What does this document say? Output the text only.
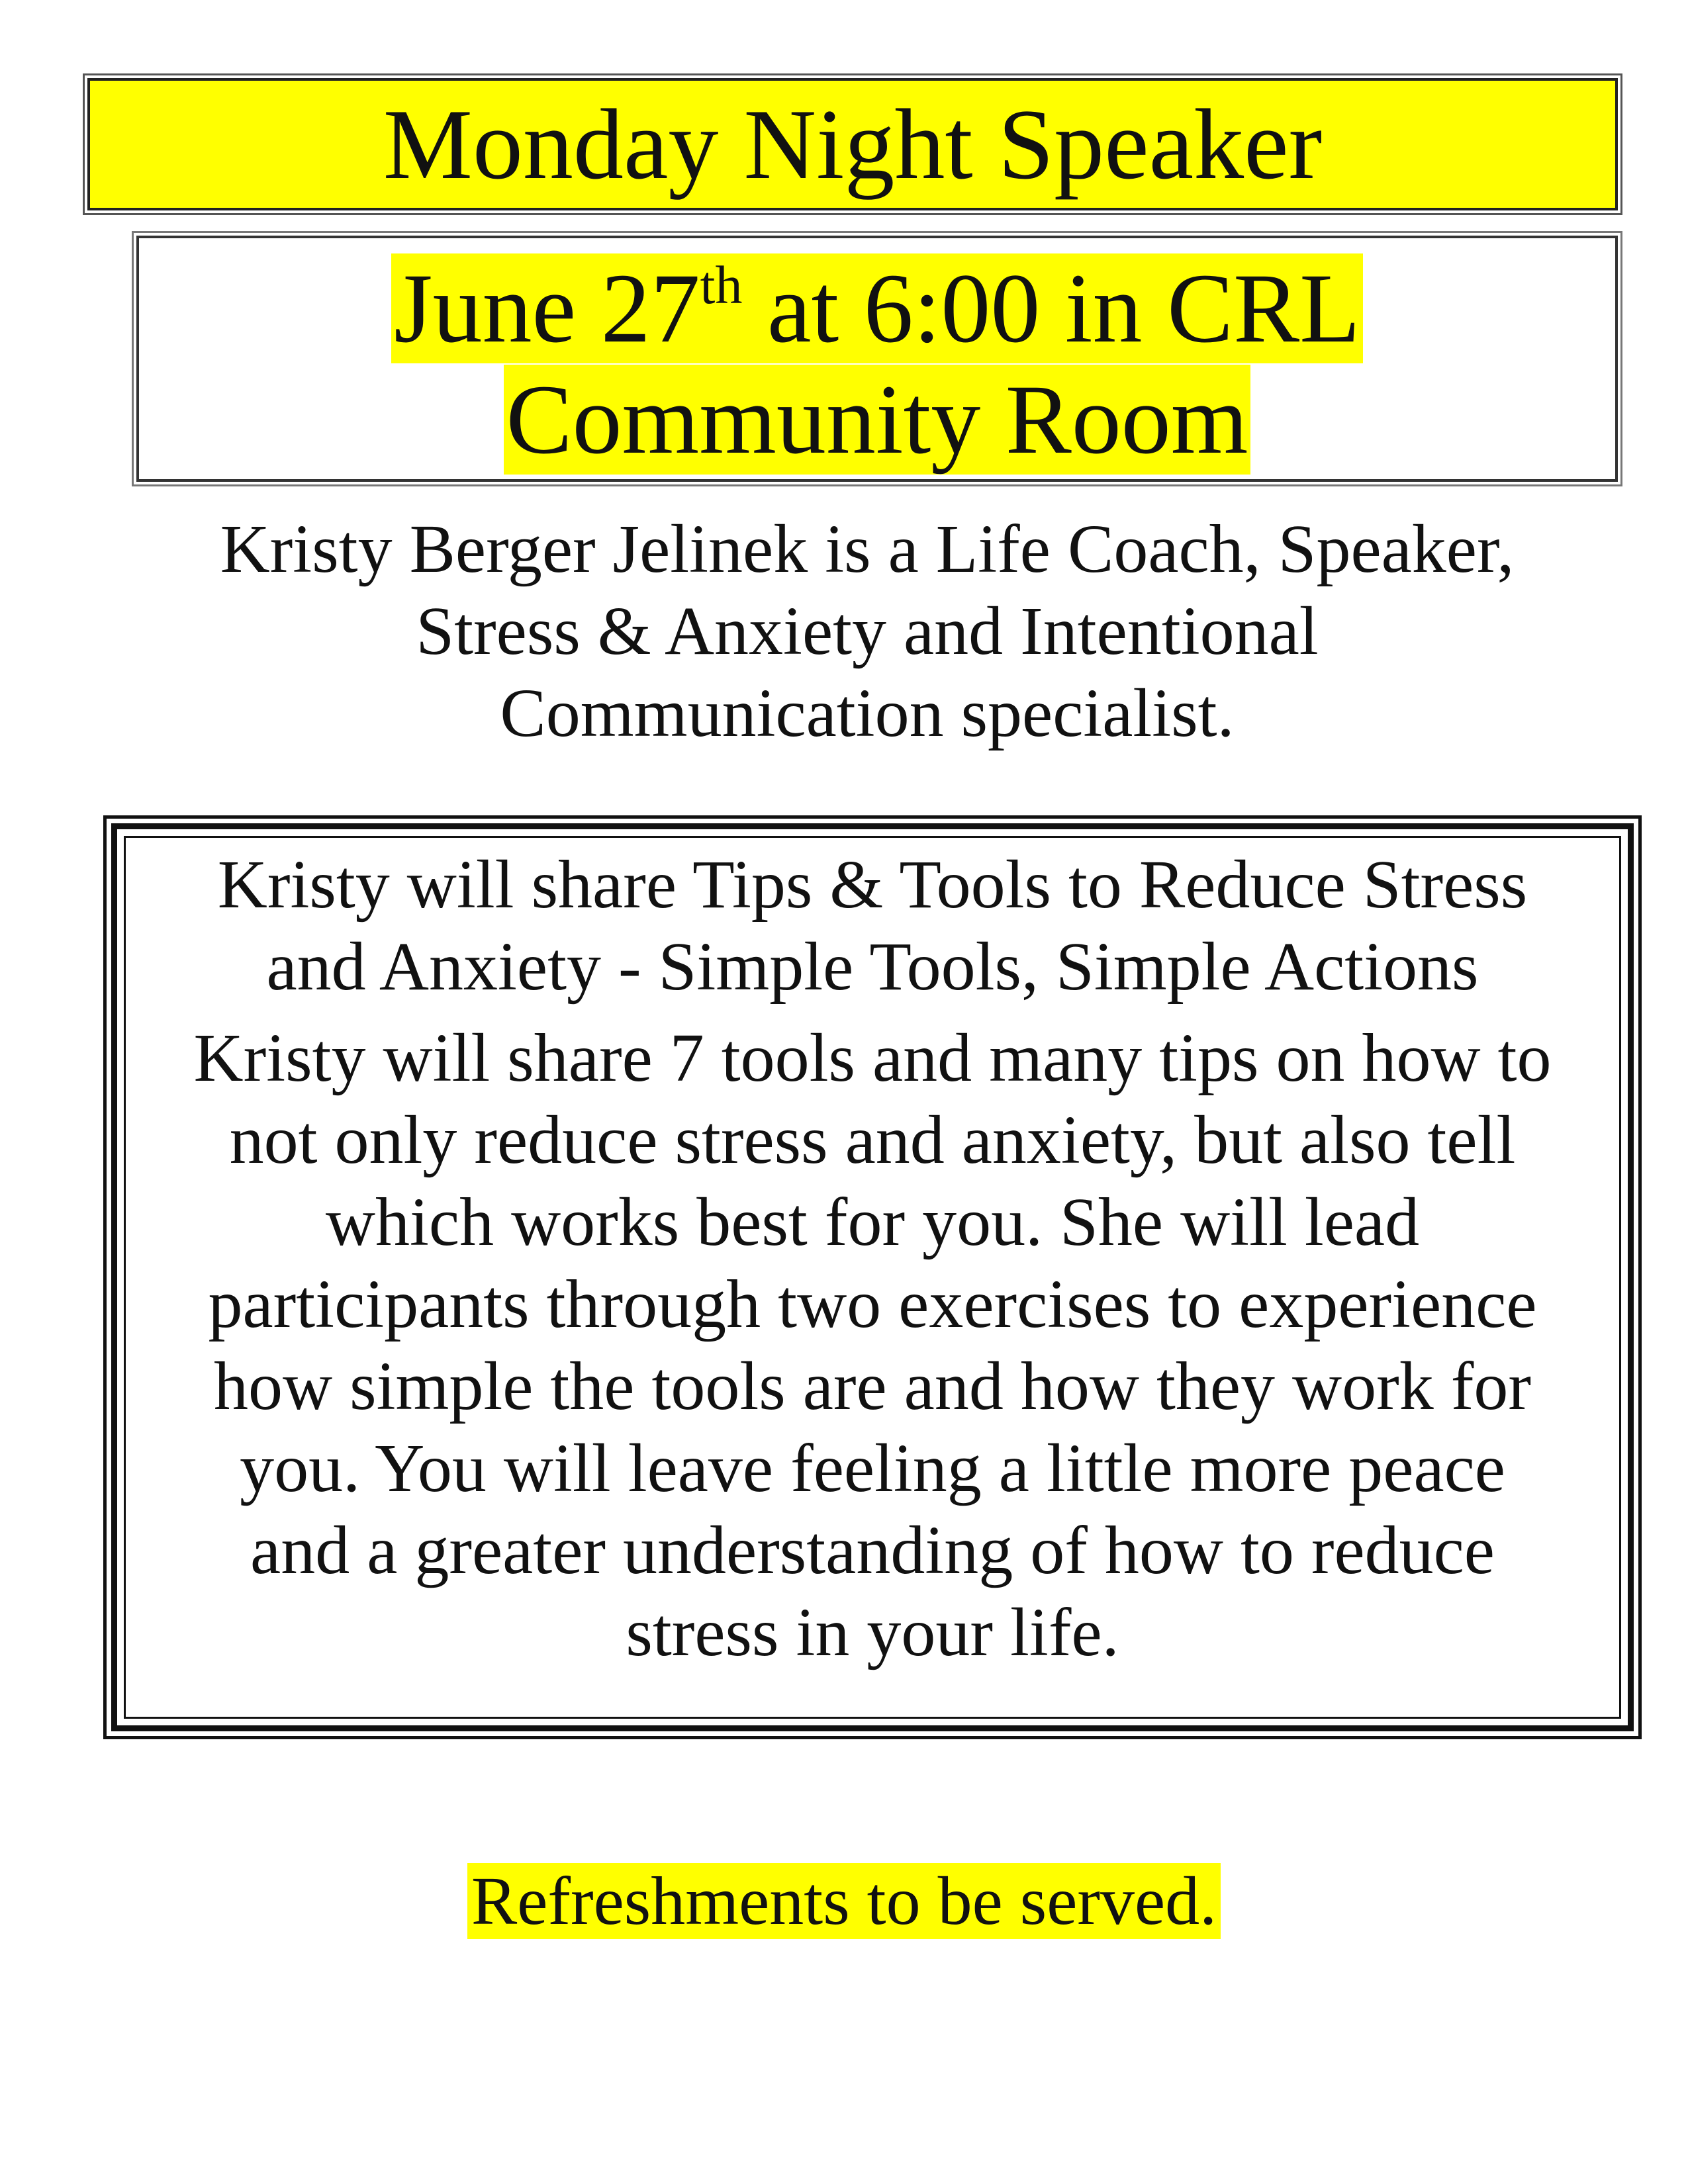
Monday Night Speaker
June 27th at 6:00 in CRL
Community Room
Kristy Berger Jelinek is a Life Coach, Speaker,
Stress & Anxiety and Intentional
Communication specialist.
Kristy will share Tips & Tools to Reduce Stress
and Anxiety - Simple Tools, Simple Actions
Kristy will share 7 tools and many tips on how to
not only reduce stress and anxiety, but also tell
which works best for you. She will lead
participants through two exercises to experience
how simple the tools are and how they work for
you. You will leave feeling a little more peace
and a greater understanding of how to reduce
stress in your life.
Refreshments to be served.
